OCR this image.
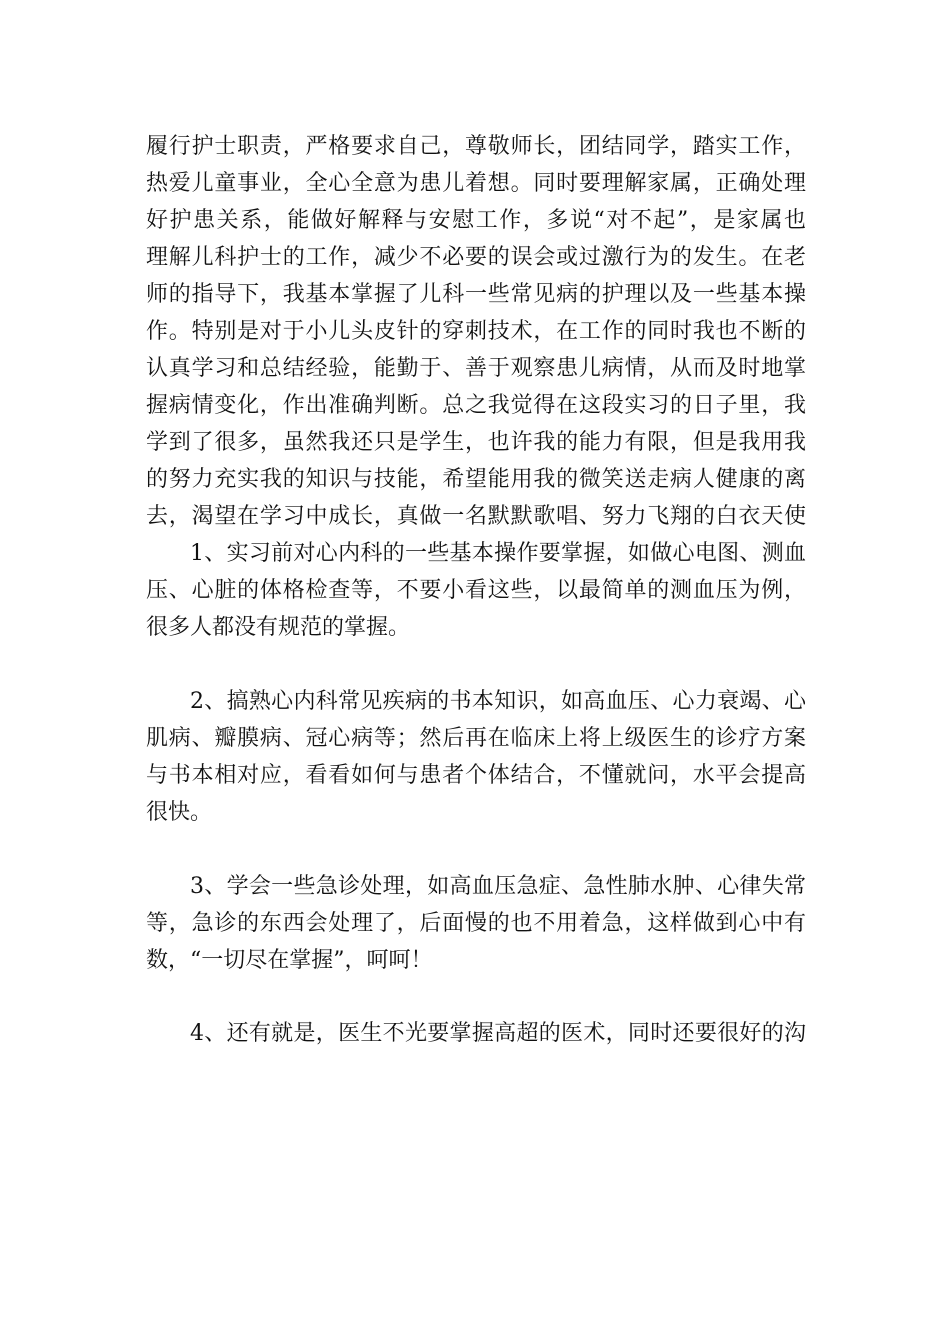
履行护士职责，严格要求自己，尊敬师长，团结同学，踏实工作，
热爱儿童事业，全心全意为患儿着想。同时要理解家属，正确处理
好护患关系，能做好解释与安慰工作，多说“对不起”，是家属也
理解儿科护士的工作，减少不必要的误会或过激行为的发生。在老
师的指导下，我基本掌握了儿科一些常见病的护理以及一些基本操
作。特别是对于小儿头皮针的穿刺技术，在工作的同时我也不断的
认真学习和总结经验，能勤于、善于观察患儿病情，从而及时地掌
握病情变化，作出准确判断。总之我觉得在这段实习的日子里，我
学到了很多，虽然我还只是学生，也许我的能力有限，但是我用我
的努力充实我的知识与技能，希望能用我的微笑送走病人健康的离
去，渴望在学习中成长，真做一名默默歌唱、努力飞翔的白衣天使
1、实习前对心内科的一些基本操作要掌握，如做心电图、测血
压、心脏的体格检查等，不要小看这些，以最简单的测血压为例，
很多人都没有规范的掌握。
2、搞熟心内科常见疾病的书本知识，如高血压、心力衰竭、心
肌病、瓣膜病、冠心病等；然后再在临床上将上级医生的诊疗方案
与书本相对应，看看如何与患者个体结合，不懂就问，水平会提高
很快。
3、学会一些急诊处理，如高血压急症、急性肺水肿、心律失常
等，急诊的东西会处理了，后面慢的也不用着急，这样做到心中有
数，“一切尽在掌握”，呵呵！
4、还有就是，医生不光要掌握高超的医术，同时还要很好的沟
